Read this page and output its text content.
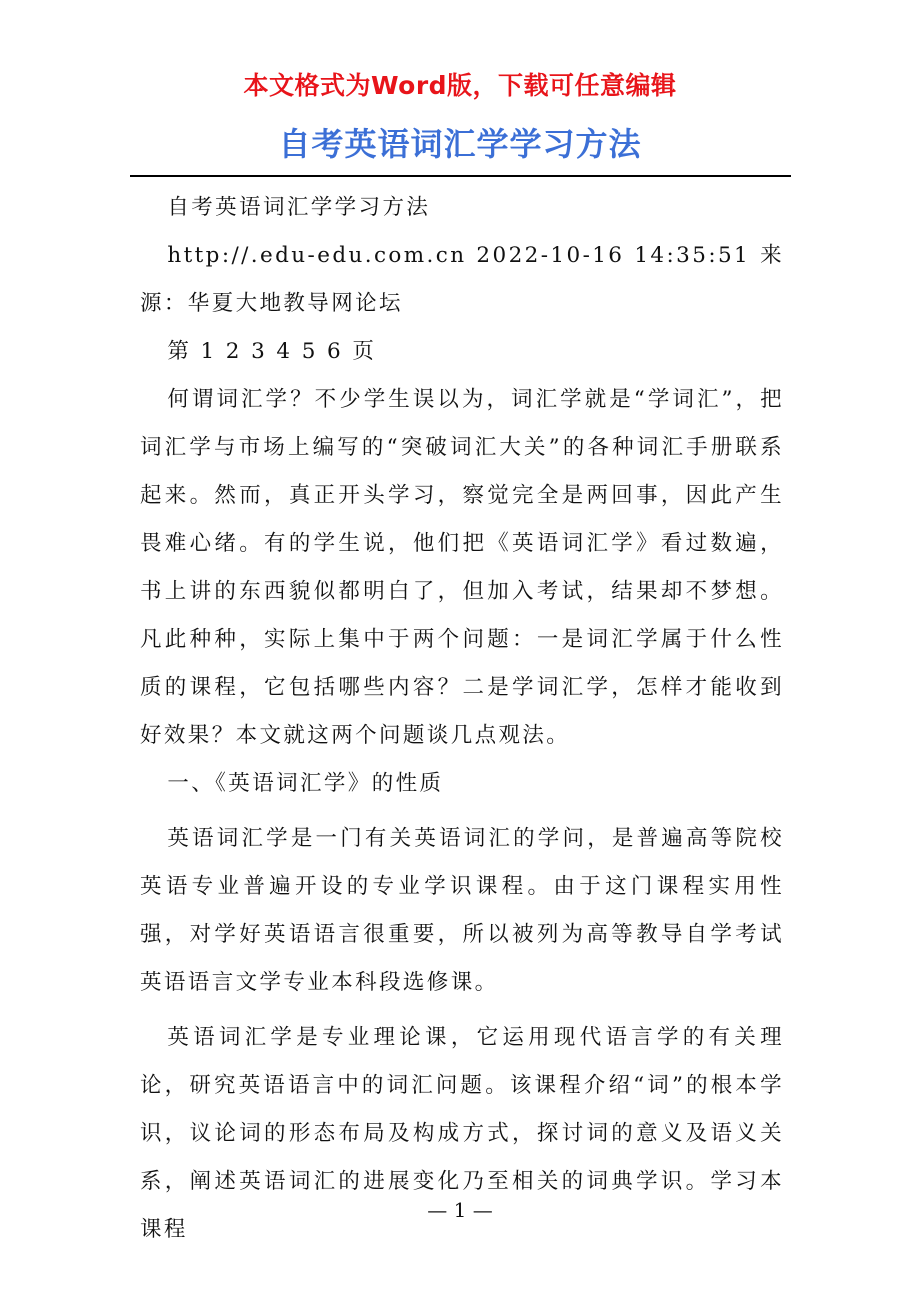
本文格式为Word版，下载可任意编辑
自考英语词汇学学习方法

自考英语词汇学学习方法

http://.edu-edu.com.cn 2022-10-16 14:35:51 来源：华夏大地教导网论坛

第 1 2 3 4 5 6 页

何谓词汇学？不少学生误以为，词汇学就是“学词汇”，把词汇学与市场上编写的“突破词汇大关”的各种词汇手册联系起来。然而，真正开头学习，察觉完全是两回事，因此产生畏难心绪。有的学生说，他们把《英语词汇学》看过数遍，书上讲的东西貌似都明白了，但加入考试，结果却不梦想。凡此种种，实际上集中于两个问题：一是词汇学属于什么性质的课程，它包括哪些内容？二是学词汇学，怎样才能收到好效果？本文就这两个问题谈几点观法。

一、《英语词汇学》的性质

英语词汇学是一门有关英语词汇的学问，是普遍高等院校英语专业普遍开设的专业学识课程。由于这门课程实用性强，对学好英语语言很重要，所以被列为高等教导自学考试英语语言文学专业本科段选修课。

英语词汇学是专业理论课，它运用现代语言学的有关理论，研究英语语言中的词汇问题。该课程介绍“词”的根本学识，议论词的形态布局及构成方式，探讨词的意义及语义关系，阐述英语词汇的进展变化乃至相关的词典学识。学习本课程

— 1 —
